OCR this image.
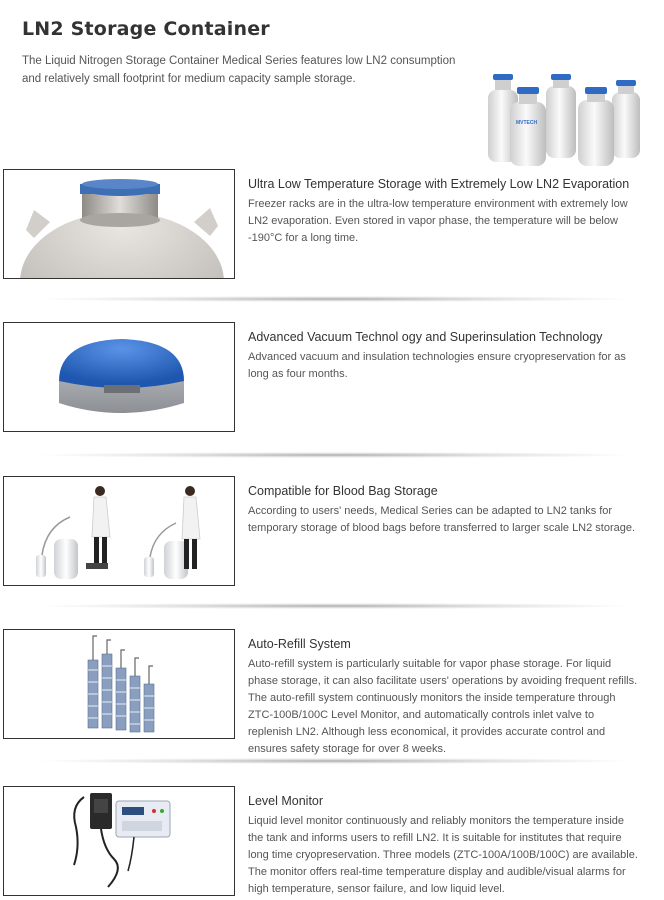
LN2 Storage Container

The Liquid Nitrogen Storage Container Medical Series features low LN2 consumption and relatively small footprint for medium capacity sample storage.

MVTECH
Ultra Low Temperature Storage with Extremely Low LN2 Evaporation

Freezer racks are in the ultra-low temperature environment with extremely low LN2 evaporation. Even stored in vapor phase, the temperature will be below -190°C for a long time.

Advanced Vacuum Technol ogy and Superinsulation Technology

Advanced vacuum and insulation technologies ensure cryopreservation for as long as four months.

Compatible for Blood Bag Storage

According to users' needs, Medical Series can be adapted to LN2 tanks for temporary storage of blood bags before transferred to larger scale LN2 storage.

Auto-Refill System

Auto-refill system is particularly suitable for vapor phase storage. For liquid phase storage, it can also facilitate users' operations by avoiding frequent refills. The auto-refill system continuously monitors the inside temperature through ZTC-100B/100C Level Monitor, and automatically controls inlet valve to replenish LN2. Although less economical, it provides accurate control and ensures safety storage for over 8 weeks.

Level Monitor

Liquid level monitor continuously and reliably monitors the temperature inside the tank and informs users to refill LN2. It is suitable for institutes that require long time cryopreservation. Three models (ZTC-100A/100B/100C) are available. The monitor offers real-time temperature display and audible/visual alarms for high temperature, sensor failure, and low liquid level.
